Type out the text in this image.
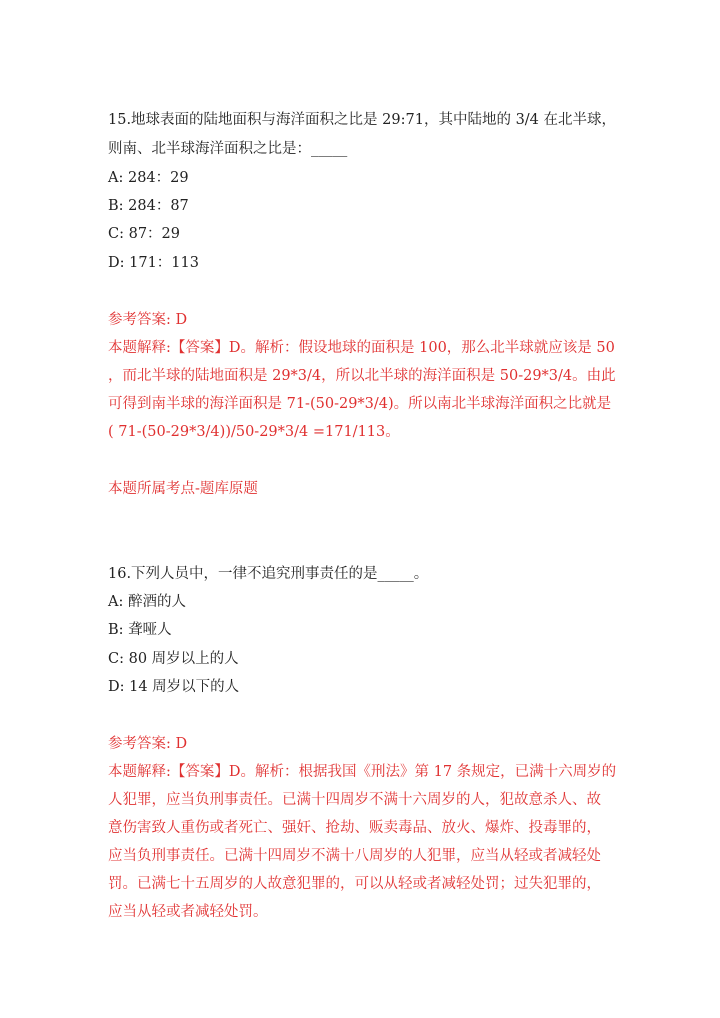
15.地球表面的陆地面积与海洋面积之比是 29:71，其中陆地的 3/4 在北半球，

则南、北半球海洋面积之比是：_____

A: 284：29

B: 284：87

C: 87：29

D: 171：113

参考答案: D

本题解释:【答案】D。解析：假设地球的面积是 100，那么北半球就应该是 50

，而北半球的陆地面积是 29*3/4，所以北半球的海洋面积是 50-29*3/4。由此

可得到南半球的海洋面积是 71-(50-29*3/4)。所以南北半球海洋面积之比就是

( 71-(50-29*3/4))/50-29*3/4 =171/113。

本题所属考点-题库原题

16.下列人员中，一律不追究刑事责任的是_____。

A: 醉酒的人

B: 聋哑人

C: 80 周岁以上的人

D: 14 周岁以下的人

参考答案: D

本题解释:【答案】D。解析：根据我国《刑法》第 17 条规定，已满十六周岁的

人犯罪，应当负刑事责任。已满十四周岁不满十六周岁的人，犯故意杀人、故

意伤害致人重伤或者死亡、强奸、抢劫、贩卖毒品、放火、爆炸、投毒罪的，

应当负刑事责任。已满十四周岁不满十八周岁的人犯罪，应当从轻或者减轻处

罚。已满七十五周岁的人故意犯罪的，可以从轻或者减轻处罚；过失犯罪的，

应当从轻或者减轻处罚。
